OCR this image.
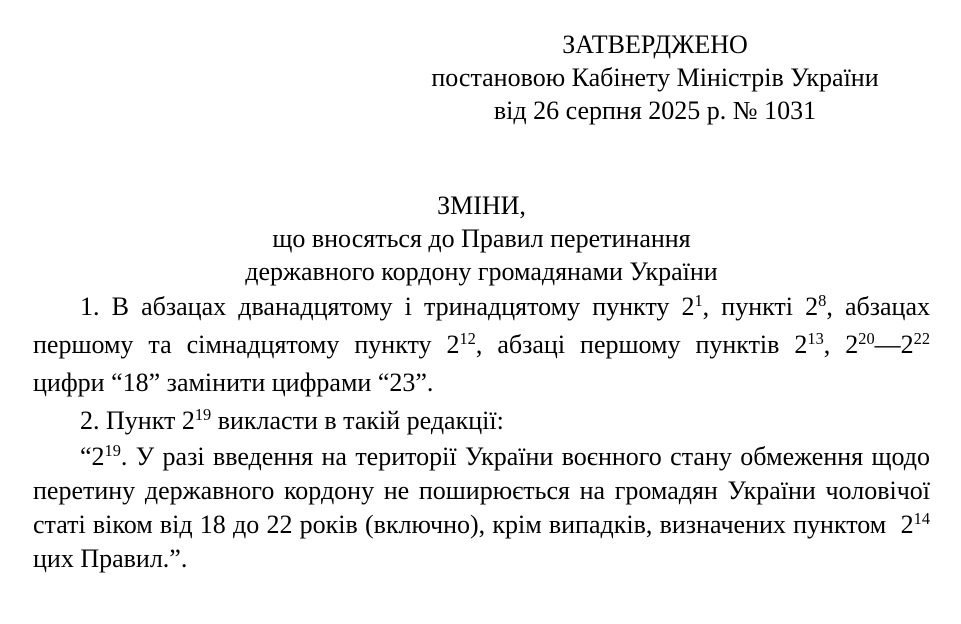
ЗАТВЕРДЖЕНО
постановою Кабінету Міністрів України
від 26 серпня 2025 р. № 1031
ЗМІНИ,
що вносяться до Правил перетинання
державного кордону громадянами України

1. В абзацах дванадцятому і тринадцятому пункту $2^1$, пункті $2^8$, абзацах першому та сімнадцятому пункту $2^{12}$, абзаці першому пунктів $2^{13}$, $2^{20}—2^{22}$ цифри “18” замінити цифрами “23”.

2. Пункт $2^{19}$ викласти в такій редакції:

“$2^{19}$. У разі введення на території України воєнного стану обмеження щодо перетину державного кордону не поширюється на громадян України чоловічої статі віком від 18 до 22 років (включно), крім випадків, визначених пунктом  $2^{14}$ цих Правил.”.
